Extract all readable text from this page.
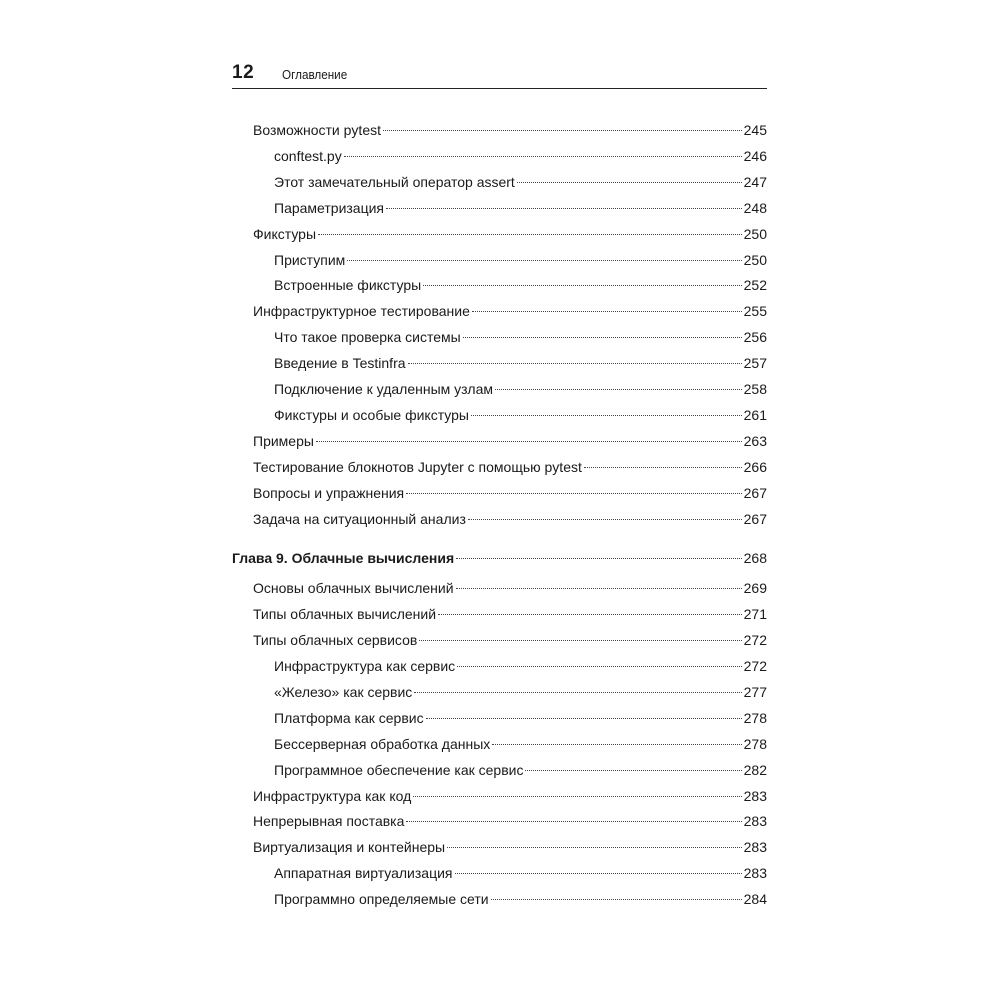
12 Оглавление
Возможности pytest	245
conftest.py	246
Этот замечательный оператор assert	247
Параметризация	248
Фикстуры	250
Приступим	250
Встроенные фикстуры	252
Инфраструктурное тестирование	255
Что такое проверка системы	256
Введение в Testinfra	257
Подключение к удаленным узлам	258
Фикстуры и особые фикстуры	261
Примеры	263
Тестирование блокнотов Jupyter с помощью pytest	266
Вопросы и упражнения	267
Задача на ситуационный анализ	267
Глава 9. Облачные вычисления	268
Основы облачных вычислений	269
Типы облачных вычислений	271
Типы облачных сервисов	272
Инфраструктура как сервис	272
«Железо» как сервис	277
Платформа как сервис	278
Бессерверная обработка данных	278
Программное обеспечение как сервис	282
Инфраструктура как код	283
Непрерывная поставка	283
Виртуализация и контейнеры	283
Аппаратная виртуализация	283
Программно определяемые сети	284
